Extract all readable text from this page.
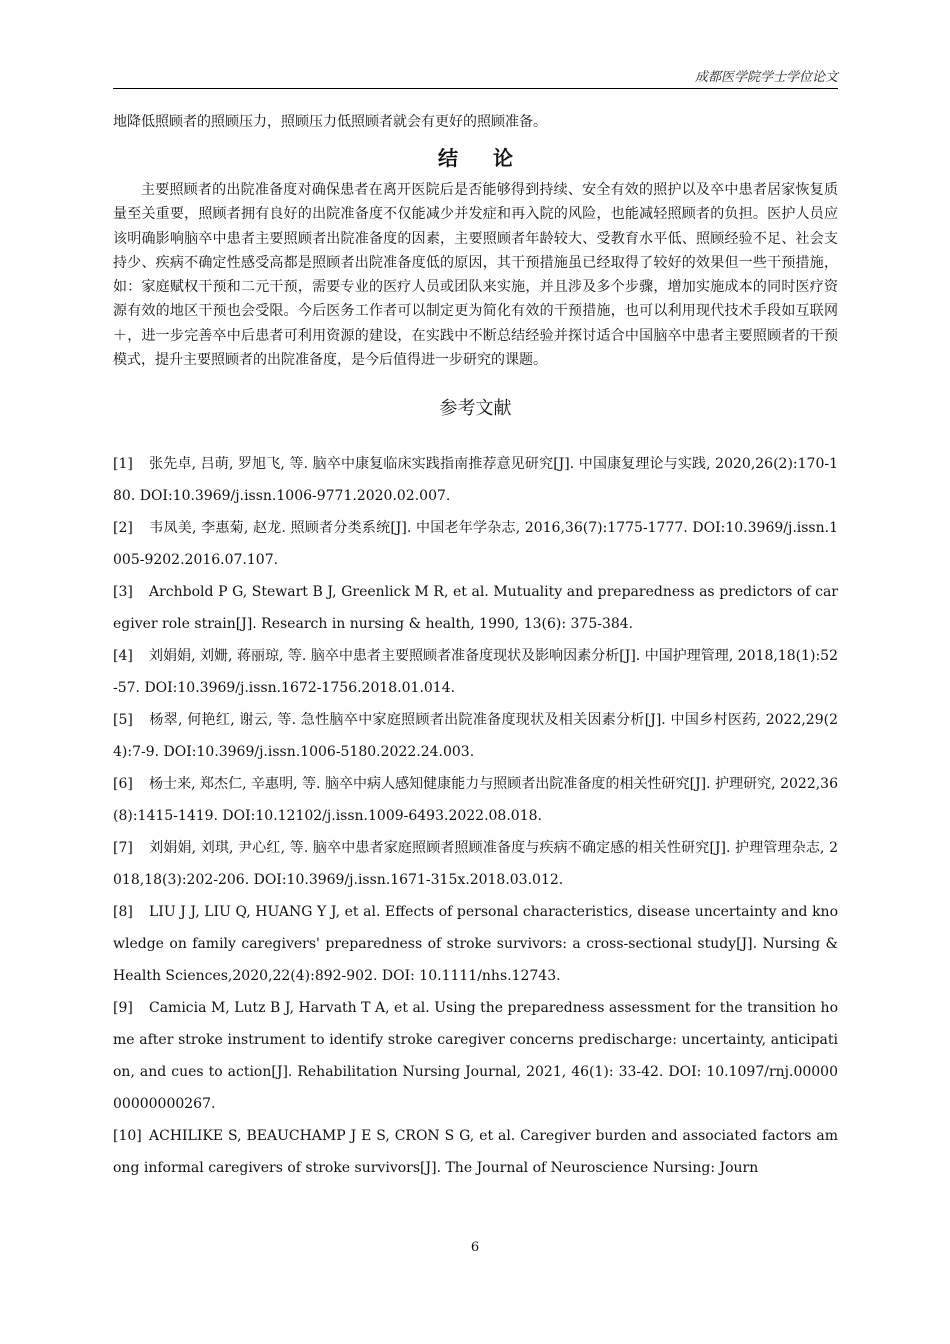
成都医学院学士学位论文

地降低照顾者的照顾压力，照顾压力低照顾者就会有更好的照顾准备。

结 论

主要照顾者的出院准备度对确保患者在离开医院后是否能够得到持续、安全有效的照护以及卒中患者居家恢复质量至关重要，照顾者拥有良好的出院准备度不仅能减少并发症和再入院的风险，也能减轻照顾者的负担。医护人员应该明确影响脑卒中患者主要照顾者出院准备度的因素，主要照顾者年龄较大、受教育水平低、照顾经验不足、社会支持少、疾病不确定性感受高都是照顾者出院准备度低的原因，其干预措施虽已经取得了较好的效果但一些干预措施，如：家庭赋权干预和二元干预，需要专业的医疗人员或团队来实施，并且涉及多个步骤，增加实施成本的同时医疗资源有效的地区干预也会受限。今后医务工作者可以制定更为简化有效的干预措施，也可以利用现代技术手段如互联网＋，进一步完善卒中后患者可利用资源的建设，在实践中不断总结经验并探讨适合中国脑卒中患者主要照顾者的干预模式，提升主要照顾者的出院准备度，是今后值得进一步研究的课题。

参考文献
[1] 张先卓, 吕萌, 罗旭飞, 等. 脑卒中康复临床实践指南推荐意见研究[J]. 中国康复理论与实践, 2020,26(2):170-180. DOI:10.3969/j.issn.1006-9771.2020.02.007.
[2] 韦凤美, 李惠菊, 赵龙. 照顾者分类系统[J]. 中国老年学杂志, 2016,36(7):1775-1777. DOI:10.3969/j.issn.1005-9202.2016.07.107.
[3] Archbold P G, Stewart B J, Greenlick M R, et al. Mutuality and preparedness as predictors of caregiver role strain[J]. Research in nursing & health, 1990, 13(6): 375-384.
[4] 刘娟娟, 刘姗, 蒋丽琼, 等. 脑卒中患者主要照顾者准备度现状及影响因素分析[J]. 中国护理管理, 2018,18(1):52-57. DOI:10.3969/j.issn.1672-1756.2018.01.014.
[5] 杨翠, 何艳红, 谢云, 等. 急性脑卒中家庭照顾者出院准备度现状及相关因素分析[J]. 中国乡村医药, 2022,29(24):7-9. DOI:10.3969/j.issn.1006-5180.2022.24.003.
[6] 杨士来, 郑杰仁, 辛惠明, 等. 脑卒中病人感知健康能力与照顾者出院准备度的相关性研究[J]. 护理研究, 2022,36(8):1415-1419. DOI:10.12102/j.issn.1009-6493.2022.08.018.
[7] 刘娟娟, 刘琪, 尹心红, 等. 脑卒中患者家庭照顾者照顾准备度与疾病不确定感的相关性研究[J]. 护理管理杂志, 2018,18(3):202-206. DOI:10.3969/j.issn.1671-315x.2018.03.012.
[8] LIU J J, LIU Q, HUANG Y J, et al. Effects of personal characteristics, disease uncertainty and knowledge on family caregivers' preparedness of stroke survivors: a cross-sectional study[J]. Nursing & Health Sciences,2020,22(4):892-902. DOI: 10.1111/nhs.12743.
[9] Camicia M, Lutz B J, Harvath T A, et al. Using the preparedness assessment for the transition home after stroke instrument to identify stroke caregiver concerns predischarge: uncertainty, anticipation, and cues to action[J]. Rehabilitation Nursing Journal, 2021, 46(1): 33-42. DOI: 10.1097/rnj.0000000000000267.
[10] ACHILIKE S, BEAUCHAMP J E S, CRON S G, et al. Caregiver burden and associated factors among informal caregivers of stroke survivors[J]. The Journal of Neuroscience Nursing: Journ
6
